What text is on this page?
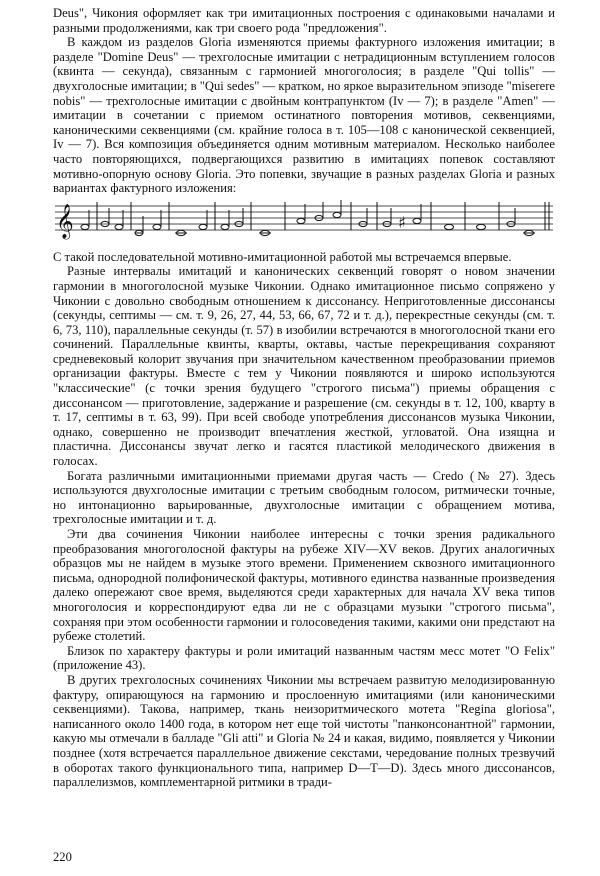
Deus", Чикония оформляет как три имитационных построения с одинаковыми началами и разными продолжениями, как три своего рода "предложения".

В каждом из разделов Gloria изменяются приемы фактурного изложения имитации; в разделе "Domine Deus" — трехголосные имитации с нетрадиционным вступлением голосов (квинта — секунда), связанным с гармонией многоголосия; в разделе "Qui tollis" — двухголосные имитации; в "Qui sedes" — кратком, но яркое выразительном эпизоде "miserere nobis" — трехголосные имитации с двойным контрапунктом (Iv — 7); в разделе "Amen" — имитации в сочетании с приемом остинатного повторения мотивов, секвенциями, каноническими секвенциями (см. крайние голоса в т. 105—108 с канонической секвенцией, Iv — 7). Вся композиция объединяется одним мотивным материалом. Несколько наиболее часто повторяющихся, подвергающихся развитию в имитациях попевок составляют мотивно-опорную основу Gloria. Это попевки, звучащие в разных разделах Gloria и разных вариантах фактурного изложения:

𝄞	♯

С такой последовательной мотивно-имитационной работой мы встречаемся впервые.

Разные интервалы имитаций и канонических секвенций говорят о новом значении гармонии в многоголосной музыке Чиконии. Однако имитационное письмо сопряжено у Чиконии с довольно свободным отношением к диссонансу. Неприготовленные диссонансы (секунды, септимы — см. т. 9, 26, 27, 44, 53, 66, 67, 72 и т. д.), перекрестные секунды (см. т. 6, 73, 110), параллельные секунды (т. 57) в изобилии встречаются в многоголосной ткани его сочинений. Параллельные квинты, кварты, октавы, частые перекрещивания сохраняют средневековый колорит звучания при значительном качественном преобразовании приемов организации фактуры. Вместе с тем у Чиконии появляются и широко используются "классические" (с точки зрения будущего "строгого письма") приемы обращения с диссонансом — приготовление, задержание и разрешение (см. секунды в т. 12, 100, кварту в т. 17, септимы в т. 63, 99). При всей свободе употребления диссонансов музыка Чиконии, однако, совершенно не производит впечатления жесткой, угловатой. Она изящна и пластична. Диссонансы звучат легко и гасятся пластикой мелодического движения в голосах.

Богата различными имитационными приемами другая часть — Credo (№ 27). Здесь используются двухголосные имитации с третьим свободным голосом, ритмически точные, но интонационно варьированные, двухголосные имитации с обращением мотива, трехголосные имитации и т. д.

Эти два сочинения Чиконии наиболее интересны с точки зрения радикального преобразования многоголосной фактуры на рубеже XIV—XV веков. Других аналогичных образцов мы не найдем в музыке этого времени. Применением сквозного имитационного письма, однородной полифонической фактуры, мотивного единства названные произведения далеко опережают свое время, выделяются среди характерных для начала XV века типов многоголосия и корреспондируют едва ли не с образцами музыки "строгого письма", сохраняя при этом особенности гармонии и голосоведения такими, какими они предстают на рубеже столетий.

Близок по характеру фактуры и роли имитаций названным частям месс мотет "О Felix" (приложение 43).

В других трехголосных сочинениях Чиконии мы встречаем развитую мелодизированную фактуру, опирающуюся на гармонию и прослоенную имитациями (или каноническими секвенциями). Такова, например, ткань неизоритмического мотета "Regina gloriosa", написанного около 1400 года, в котором нет еще той чистоты "панконсонантной" гармонии, какую мы отмечали в балладе "Gli atti" и Gloria № 24 и какая, видимо, появляется у Чиконии позднее (хотя встречается параллельное движение секстами, чередование полных трезвучий в оборотах такого функционального типа, например D—T—D). Здесь много диссонансов, параллелизмов, комплементарной ритмики в тради-

220
